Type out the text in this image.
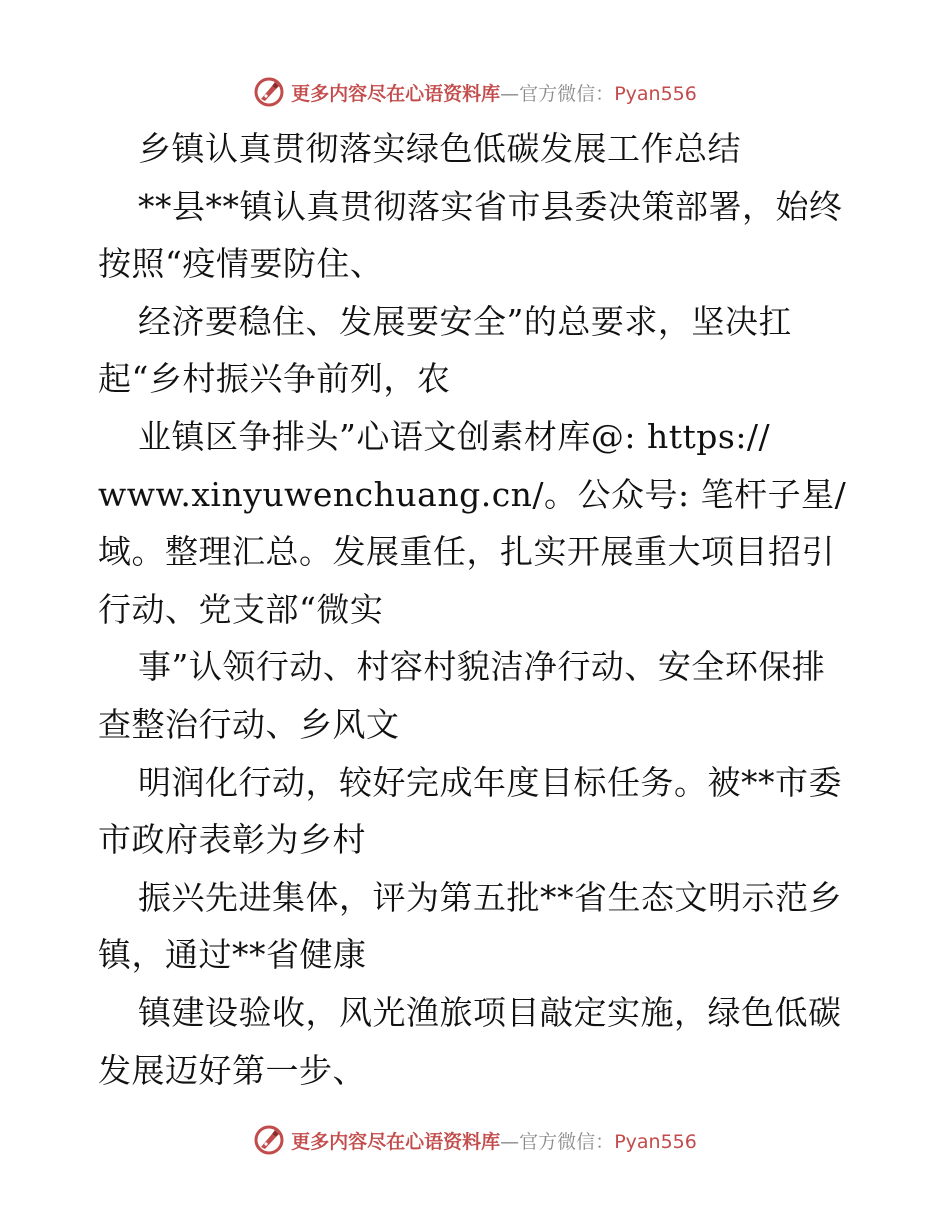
更多内容尽在心语资料库—官方微信：Pyan556
乡镇认真贯彻落实绿色低碳发展工作总结
**县**镇认真贯彻落实省市县委决策部署，始终
按照“疫情要防住、
经济要稳住、发展要安全”的总要求，坚决扛
起“乡村振兴争前列，农
业镇区争排头”心语文创素材库@: https://
www.xinyuwenchuang.cn/。公众号: 笔杆子星/
域。整理汇总。发展重任，扎实开展重大项目招引
行动、党支部“微实
事”认领行动、村容村貌洁净行动、安全环保排
查整治行动、乡风文
明润化行动，较好完成年度目标任务。被**市委
市政府表彰为乡村
振兴先进集体，评为第五批**省生态文明示范乡
镇，通过**省健康
镇建设验收，风光渔旅项目敲定实施，绿色低碳
发展迈好第一步、
更多内容尽在心语资料库—官方微信：Pyan556
